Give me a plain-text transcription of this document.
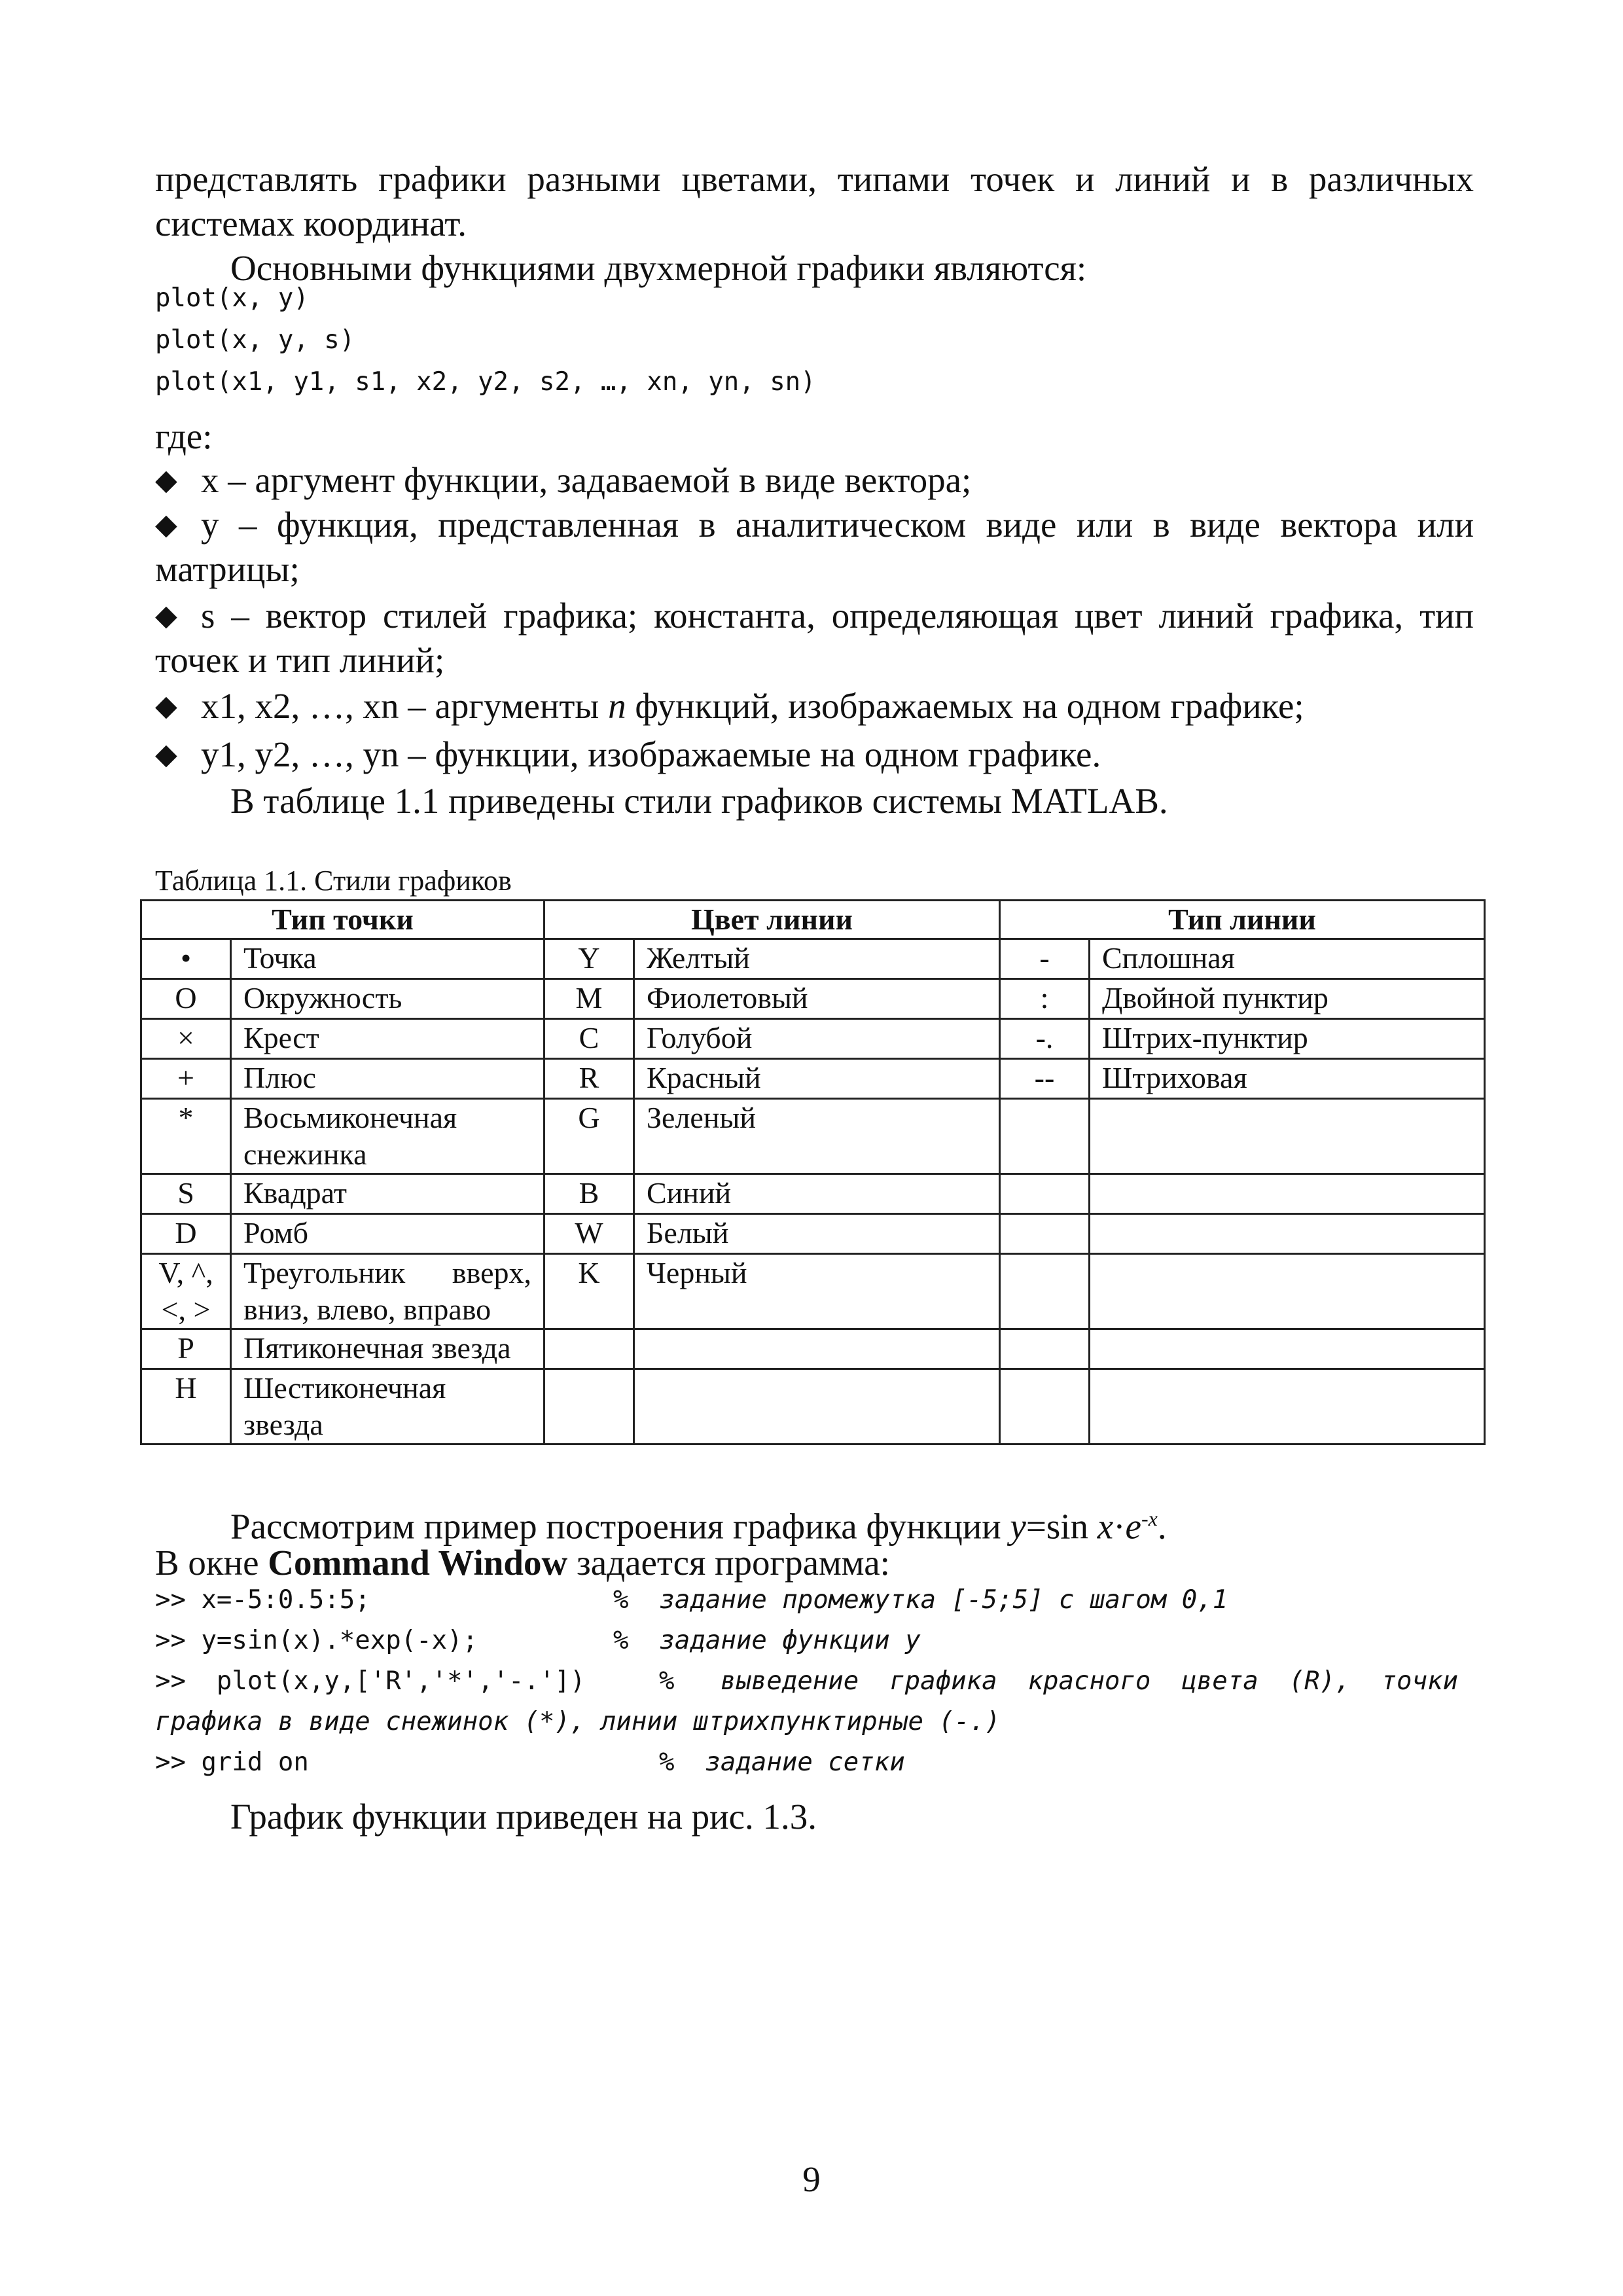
представлять графики разными цветами, типами точек и линий и в различных системах координат.

Основными функциями двухмерной графики являются:

plot(x, y)

plot(x, y, s)

plot(x1, y1, s1, x2, y2, s2, …, xn, yn, sn)

где:

◆ x – аргумент функции, задаваемой в виде вектора;

◆ y – функция, представленная в аналитическом виде или в виде вектора или матрицы;

◆ s – вектор стилей графика; константа, определяющая цвет линий графика, тип точек и тип линий;

◆ x1, x2, …, xn – аргументы n функций, изображаемых на одном графике;

◆ y1, y2, …, yn – функции, изображаемые на одном графике.

В таблице 1.1 приведены стили графиков системы MATLAB.

Таблица 1.1. Стили графиков

Тип точки		Цвет линии		Тип линии	
•	Точка	Y	Желтый	-	Сплошная
O	Окружность	M	Фиолетовый	:	Двойной пунктир
×	Крест	C	Голубой	-.	Штрих-пунктир
+	Плюс	R	Красный	--	Штриховая
*	Восьмиконечная снежинка	G	Зеленый		
S	Квадрат	B	Синий		
D	Ромб	W	Белый		
V, ^, <, >	Треугольник вверх, вниз, влево, вправо	K	Черный		
P	Пятиконечная звезда				
H	Шестиконечная звезда				

Рассмотрим пример построения графика функции y=sin $x\cdot e^{-x}$.

В окне Command Window задается программа:

>> x=-5:0.5:5;	%  задание промежутка [-5;5] с шагом 0,1

>> y=sin(x).*exp(-x);	%  задание функции y

>>  plot(x,y,['R','*','-.'])	%   выведение  графика  красного  цвета  (R),  точки

графика в виде снежинок (*), линии штрихпунктирные (-.)

>> grid on	%  задание сетки

График функции приведен на рис. 1.3.

9
